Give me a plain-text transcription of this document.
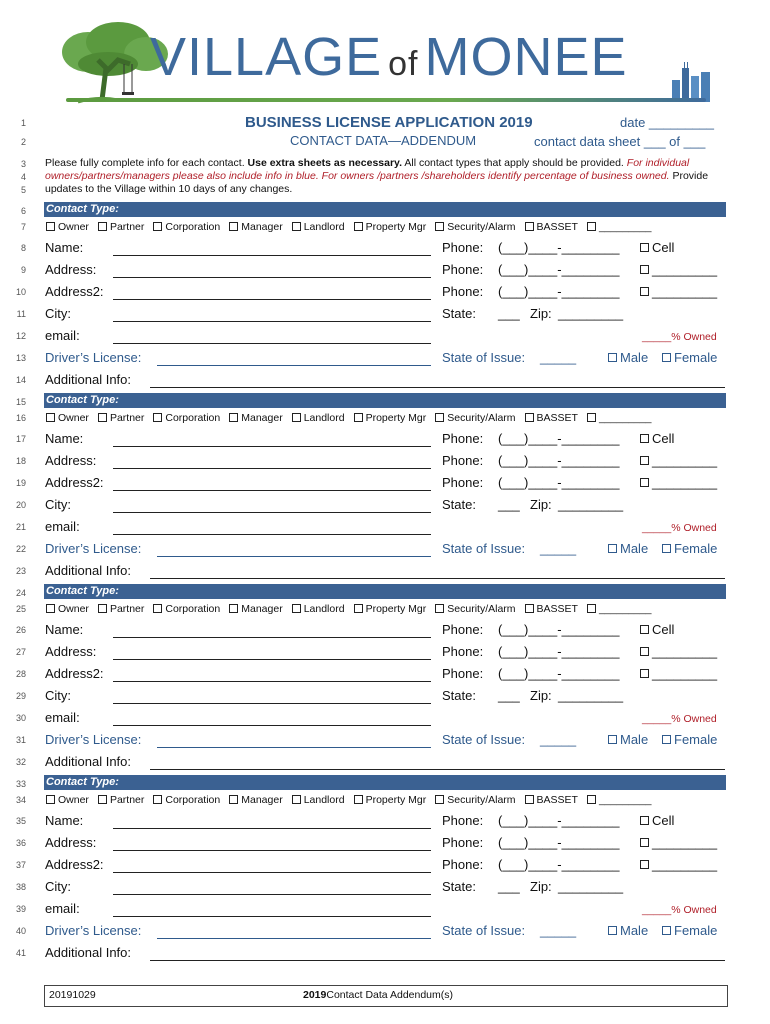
VILLAGE of MONEE
1
2
BUSINESS LICENSE APPLICATION 2019
CONTACT DATA—ADDENDUM
date _________
contact data sheet ___ of ___
3
4
5
Please fully complete info for each contact. Use extra sheets as necessary. All contact types that apply should be provided. For individual owners/partners/managers please also include info in blue. For owners /partners /shareholders identify percentage of business owned. Provide updates to the Village within 10 days of any changes.
6 Contact Type:
7	Owner Partner Corporation Manager Landlord Property Mgr Security/Alarm BASSET _________
8 Name:	Phone: (___)____-________	Cell
9 Address:	Phone: (___)____-________	_________
10 Address2:	Phone: (___)____-________	_________
11 City:	State: ___ Zip: _________
12 email:	_____% Owned
13 Driver’s License:	State of Issue: _____	Male	Female
14 Additional Info:
15 Contact Type:
16	Owner Partner Corporation Manager Landlord Property Mgr Security/Alarm BASSET _________
17 Name:	Phone: (___)____-________	Cell
18 Address:	Phone: (___)____-________	_________
19 Address2:	Phone: (___)____-________	_________
20 City:	State: ___ Zip: _________
21 email:	_____% Owned
22 Driver’s License:	State of Issue: _____	Male	Female
23 Additional Info:
24 Contact Type:
25	Owner Partner Corporation Manager Landlord Property Mgr Security/Alarm BASSET _________
26 Name:	Phone: (___)____-________	Cell
27 Address:	Phone: (___)____-________	_________
28 Address2:	Phone: (___)____-________	_________
29 City:	State: ___ Zip: _________
30 email:	_____% Owned
31 Driver’s License:	State of Issue: _____	Male	Female
32 Additional Info:
33 Contact Type:
34	Owner Partner Corporation Manager Landlord Property Mgr Security/Alarm BASSET _________
35 Name:	Phone: (___)____-________	Cell
36 Address:	Phone: (___)____-________	_________
37 Address2:	Phone: (___)____-________	_________
38 City:	State: ___ Zip: _________
39 email:	_____% Owned
40 Driver’s License:	State of Issue: _____	Male	Female
41 Additional Info:
20191029	2019Contact Data Addendum(s)
